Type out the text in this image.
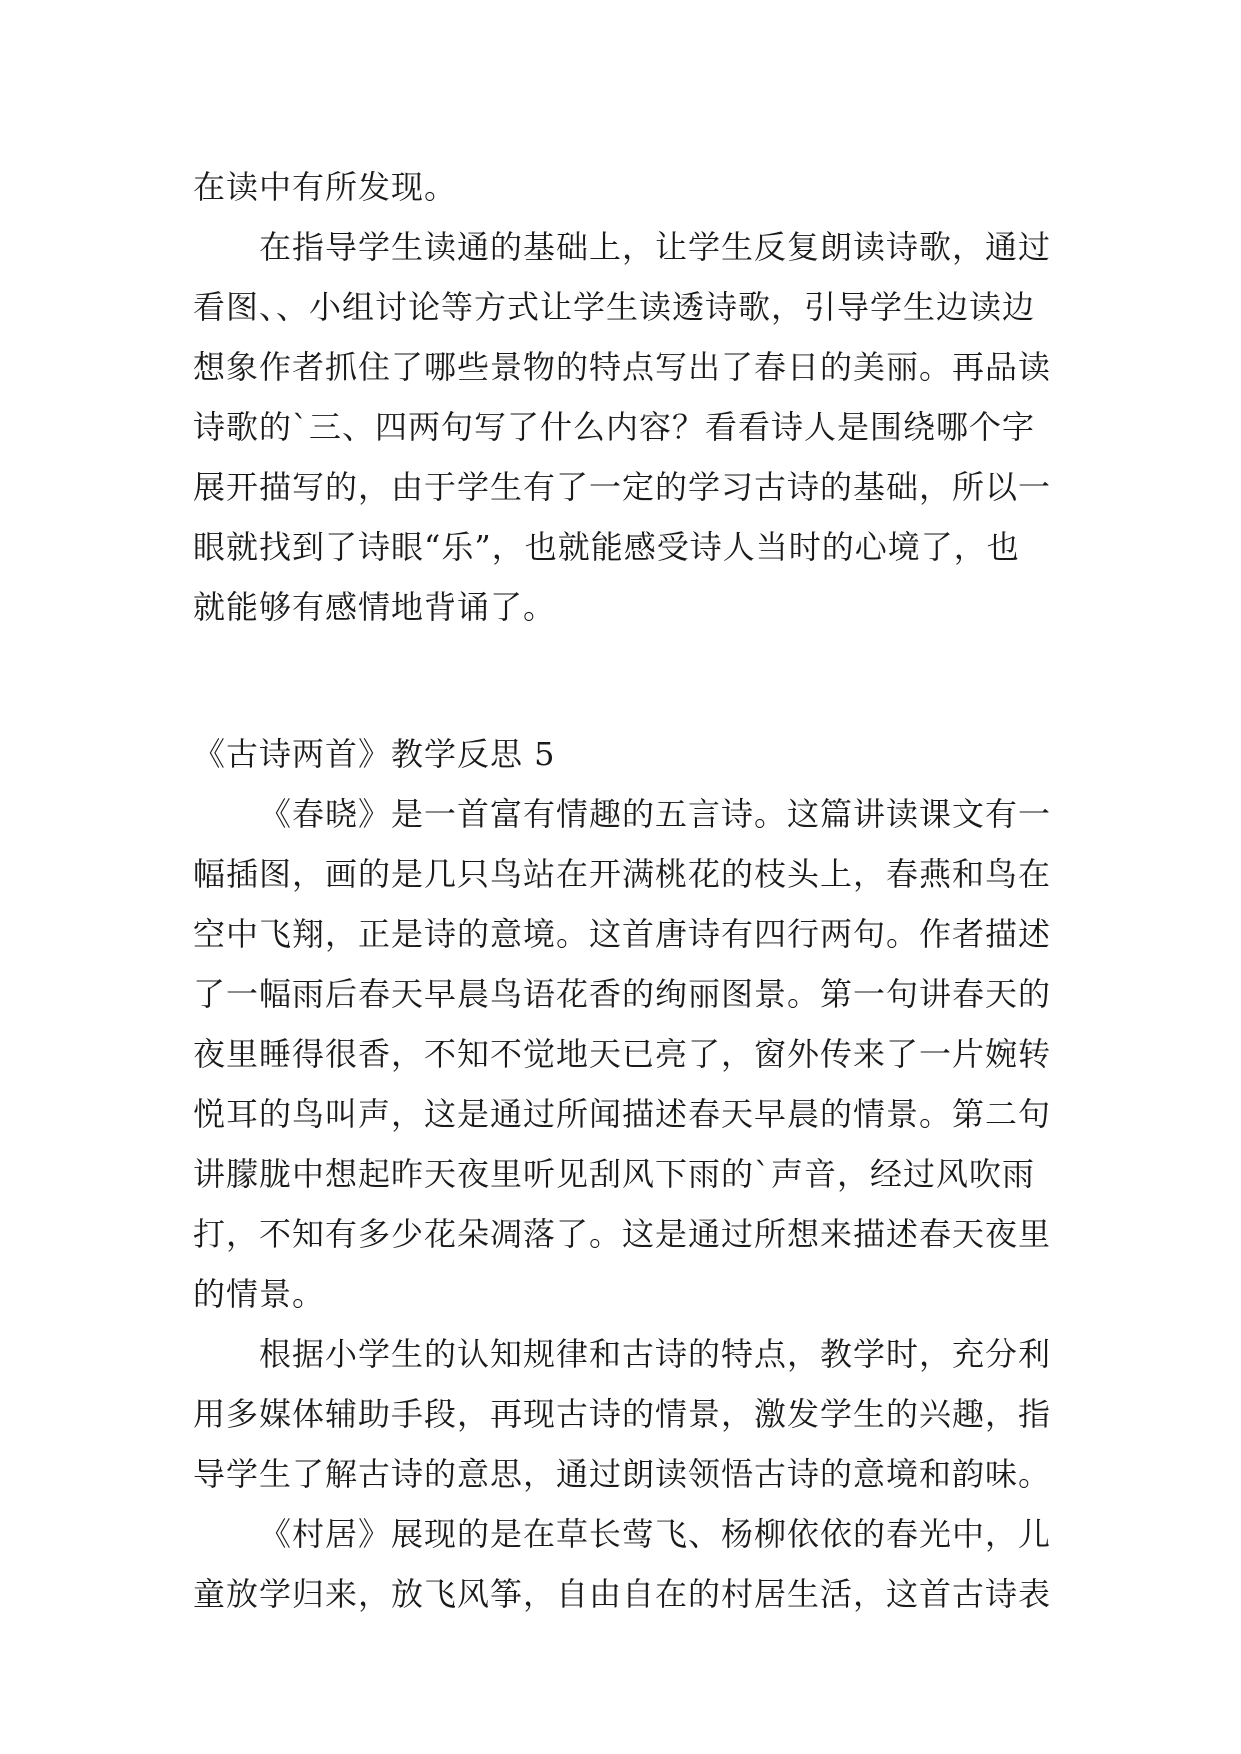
在读中有所发现。
在指导学生读通的基础上，让学生反复朗读诗歌，通过
看图、、小组讨论等方式让学生读透诗歌，引导学生边读边
想象作者抓住了哪些景物的特点写出了春日的美丽。再品读
诗歌的`三、四两句写了什么内容？看看诗人是围绕哪个字
展开描写的，由于学生有了一定的学习古诗的基础，所以一
眼就找到了诗眼“乐”，也就能感受诗人当时的心境了，也
就能够有感情地背诵了。
《古诗两首》教学反思 5
《春晓》是一首富有情趣的五言诗。这篇讲读课文有一
幅插图，画的是几只鸟站在开满桃花的枝头上，春燕和鸟在
空中飞翔，正是诗的意境。这首唐诗有四行两句。作者描述
了一幅雨后春天早晨鸟语花香的绚丽图景。第一句讲春天的
夜里睡得很香，不知不觉地天已亮了，窗外传来了一片婉转
悦耳的鸟叫声，这是通过所闻描述春天早晨的情景。第二句
讲朦胧中想起昨天夜里听见刮风下雨的`声音，经过风吹雨
打，不知有多少花朵凋落了。这是通过所想来描述春天夜里
的情景。
根据小学生的认知规律和古诗的特点，教学时，充分利
用多媒体辅助手段，再现古诗的情景，激发学生的兴趣，指
导学生了解古诗的意思，通过朗读领悟古诗的意境和韵味。
《村居》展现的是在草长莺飞、杨柳依依的春光中，儿
童放学归来，放飞风筝，自由自在的村居生活，这首古诗表
